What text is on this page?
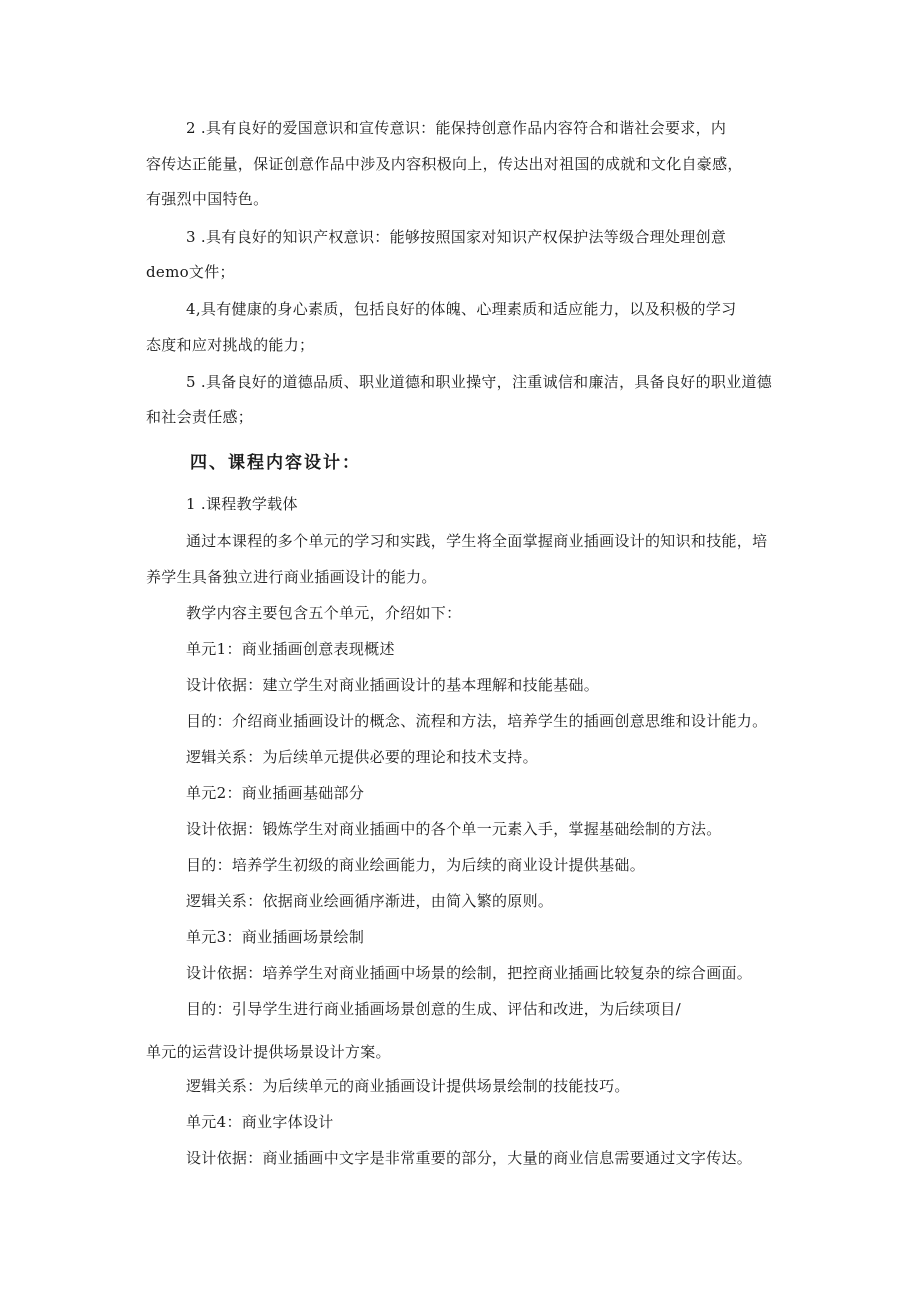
2 .具有良好的爱国意识和宣传意识：能保持创意作品内容符合和谐社会要求，内
容传达正能量，保证创意作品中涉及内容积极向上，传达出对祖国的成就和文化自豪感，
有强烈中国特色。
3 .具有良好的知识产权意识：能够按照国家对知识产权保护法等级合理处理创意
demo文件；
4,具有健康的身心素质，包括良好的体魄、心理素质和适应能力，以及积极的学习
态度和应对挑战的能力；
5 .具备良好的道德品质、职业道德和职业操守，注重诚信和廉洁，具备良好的职业道德
和社会责任感；
四、课程内容设计：
1 .课程教学载体
通过本课程的多个单元的学习和实践，学生将全面掌握商业插画设计的知识和技能，培
养学生具备独立进行商业插画设计的能力。
教学内容主要包含五个单元，介绍如下：
单元1：商业插画创意表现概述
设计依据：建立学生对商业插画设计的基本理解和技能基础。
目的：介绍商业插画设计的概念、流程和方法，培养学生的插画创意思维和设计能力。
逻辑关系：为后续单元提供必要的理论和技术支持。
单元2：商业插画基础部分
设计依据：锻炼学生对商业插画中的各个单一元素入手，掌握基础绘制的方法。
目的：培养学生初级的商业绘画能力，为后续的商业设计提供基础。
逻辑关系：依据商业绘画循序渐进，由简入繁的原则。
单元3：商业插画场景绘制
设计依据：培养学生对商业插画中场景的绘制，把控商业插画比较复杂的综合画面。
目的：引导学生进行商业插画场景创意的生成、评估和改进，为后续项目/
单元的运营设计提供场景设计方案。
逻辑关系：为后续单元的商业插画设计提供场景绘制的技能技巧。
单元4：商业字体设计
设计依据：商业插画中文字是非常重要的部分，大量的商业信息需要通过文字传达。
